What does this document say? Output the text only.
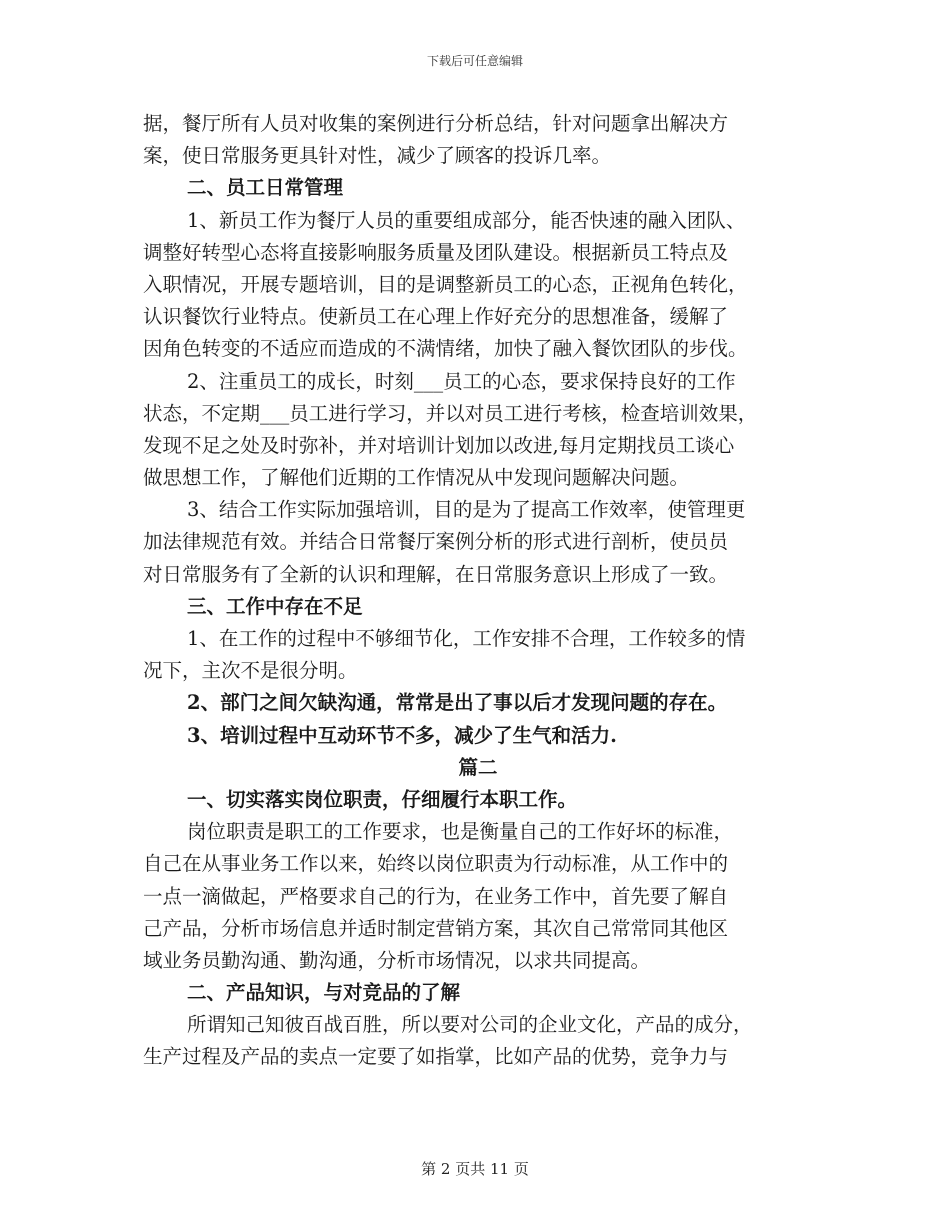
下载后可任意编辑
据，餐厅所有人员对收集的案例进行分析总结，针对问题拿出解决方
案，使日常服务更具针对性，减少了顾客的投诉几率。
二、员工日常管理
1、新员工作为餐厅人员的重要组成部分，能否快速的融入团队、
调整好转型心态将直接影响服务质量及团队建设。根据新员工特点及
入职情况，开展专题培训，目的是调整新员工的心态，正视角色转化，
认识餐饮行业特点。使新员工在心理上作好充分的思想准备，缓解了
因角色转变的不适应而造成的不满情绪，加快了融入餐饮团队的步伐。
2、注重员工的成长，时刻___员工的心态，要求保持良好的工作
状态，不定期___员工进行学习，并以对员工进行考核，检查培训效果，
发现不足之处及时弥补，并对培训计划加以改进,每月定期找员工谈心
做思想工作，了解他们近期的工作情况从中发现问题解决问题。
3、结合工作实际加强培训，目的是为了提高工作效率，使管理更
加法律规范有效。并结合日常餐厅案例分析的形式进行剖析，使员员
对日常服务有了全新的认识和理解，在日常服务意识上形成了一致。
三、工作中存在不足
1、在工作的过程中不够细节化，工作安排不合理，工作较多的情
况下，主次不是很分明。
2、部门之间欠缺沟通，常常是出了事以后才发现问题的存在。
3、培训过程中互动环节不多，减少了生气和活力.
篇二
一、切实落实岗位职责，仔细履行本职工作。
岗位职责是职工的工作要求，也是衡量自己的工作好坏的标准，
自己在从事业务工作以来，始终以岗位职责为行动标准，从工作中的
一点一滴做起，严格要求自己的行为，在业务工作中，首先要了解自
己产品，分析市场信息并适时制定营销方案，其次自己常常同其他区
域业务员勤沟通、勤沟通，分析市场情况，以求共同提高。
二、产品知识，与对竞品的了解
所谓知己知彼百战百胜，所以要对公司的企业文化，产品的成分，
生产过程及产品的卖点一定要了如指掌，比如产品的优势，竞争力与
第 2 页共 11 页
